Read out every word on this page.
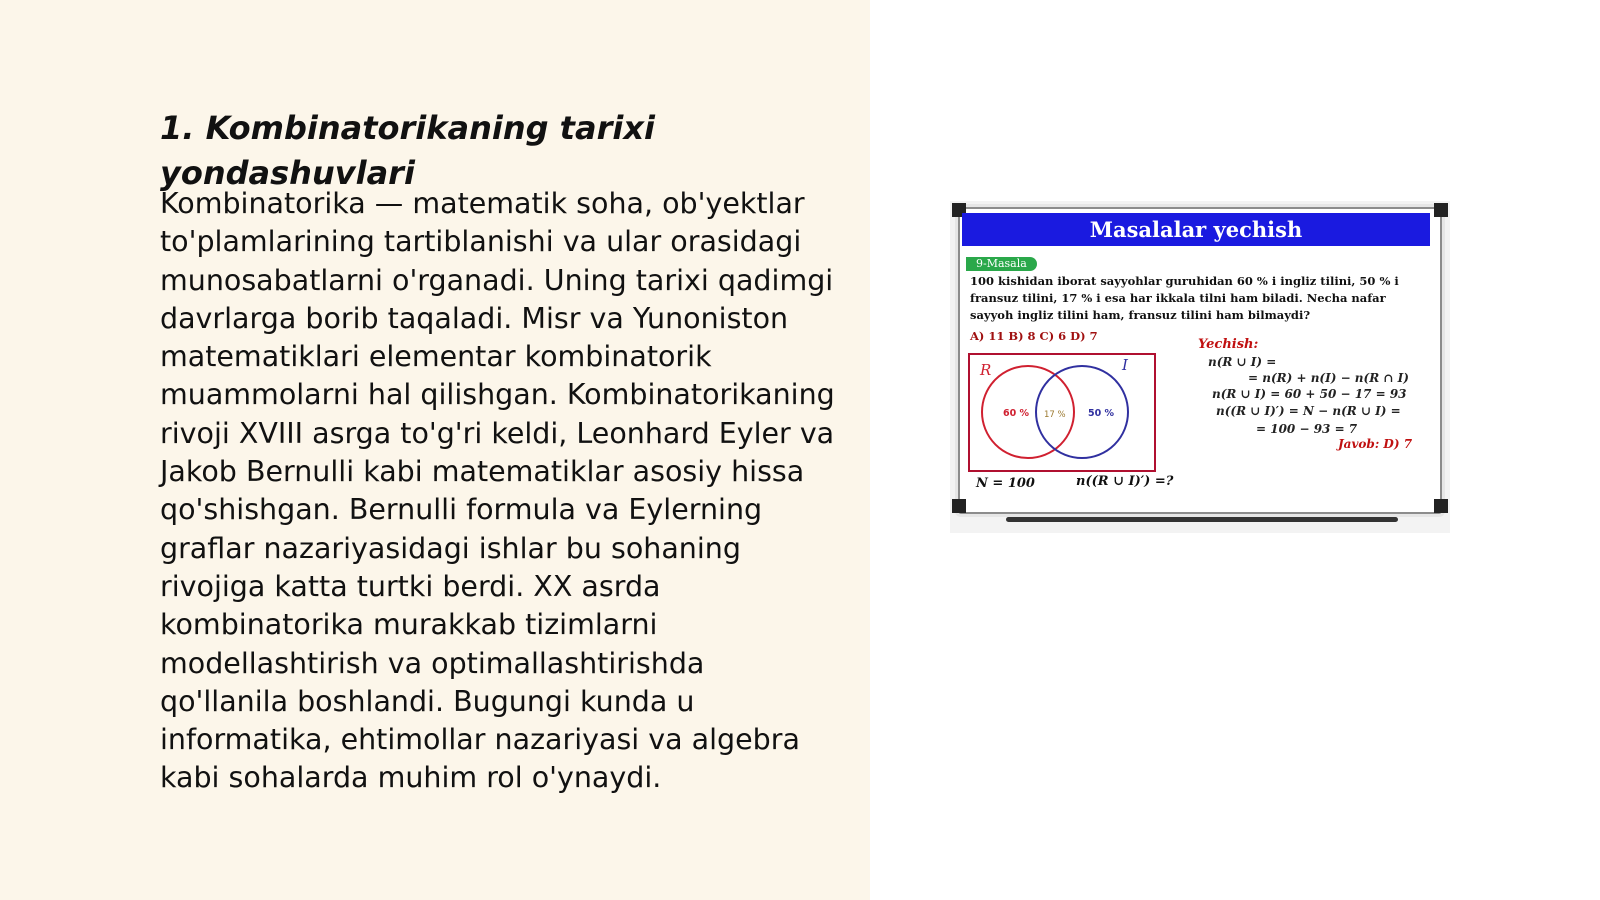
1. Kombinatorikaning tarixi yondashuvlari

Kombinatorika — matematik soha, ob'yektlar to'plamlarining tartiblanishi va ular orasidagi munosabatlarni o'rganadi. Uning tarixi qadimgi davrlarga borib taqaladi. Misr va Yunoniston matematiklari elementar kombinatorik muammolarni hal qilishgan. Kombinatorikaning rivoji XVIII asrga to'g'ri keldi, Leonhard Eyler va Jakob Bernulli kabi matematiklar asosiy hissa qo'shishgan. Bernulli formula va Eylerning graflar nazariyasidagi ishlar bu sohaning rivojiga katta turtki berdi. XX asrda kombinatorika murakkab tizimlarni modellashtirish va optimallashtirishda qo'llanila boshlandi. Bugungi kunda u informatika, ehtimollar nazariyasi va algebra kabi sohalarda muhim rol o'ynaydi.

Masalalar yechish
9-Masala

100 kishidan iborat sayyohlar guruhidan 60 % i ingliz tilini, 50 % i fransuz tilini, 17 % i esa har ikkala tilni ham biladi. Necha nafar sayyoh ingliz tilini ham, fransuz tilini ham bilmaydi?

A) 11 B) 8 C) 6 D) 7
R	I
60 % 17 % 50 %
Yechish:
n(R ∪ I) =
= n(R) + n(I) − n(R ∩ I)
n(R ∪ I) = 60 + 50 − 17 = 93
n((R ∪ I)′) = N − n(R ∪ I) =
= 100 − 93 = 7
Javob: D) 7
N = 100	n((R ∪ I)′) =?
